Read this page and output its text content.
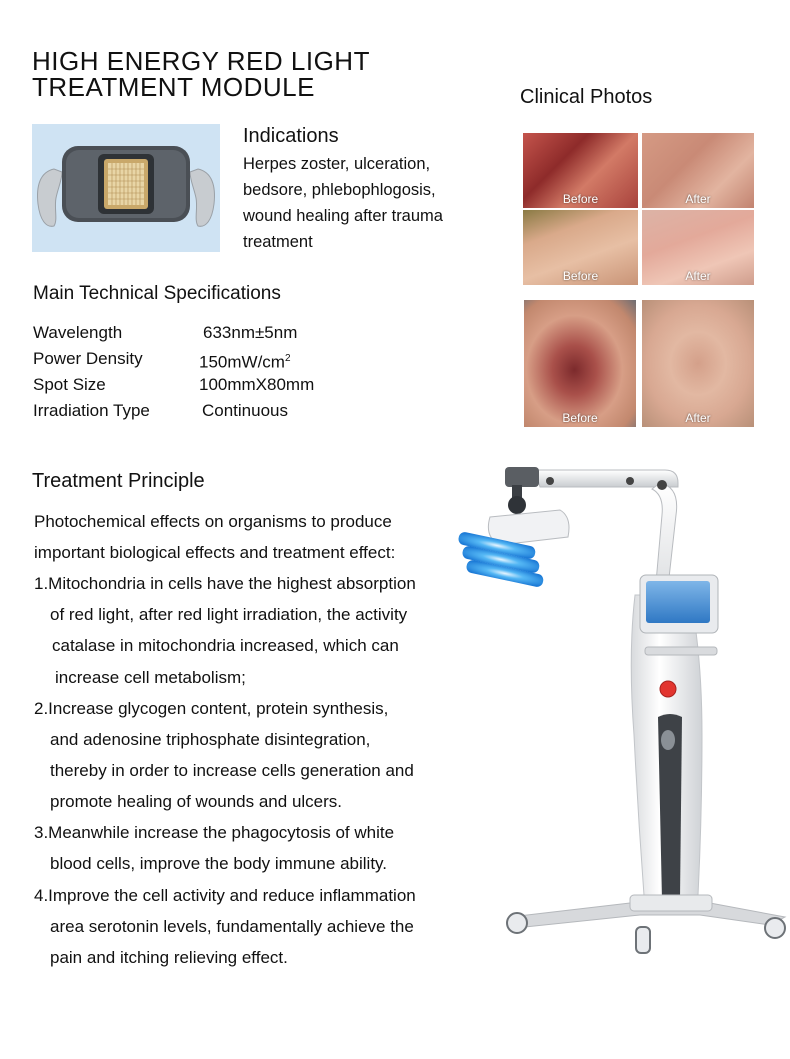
HIGH ENERGY RED LIGHT
TREATMENT MODULE	Clinical Photos
Indications
Herpes zoster, ulceration,
bedsore, phlebophlogosis,
wound healing after trauma
treatment
Before	After
Before	After
Before	After
Main Technical Specifications
Wavelength	633nm±5nm
Power Density	$150mW/cm^2$
Spot Size	100mmX80mm
Irradiation Type	Continuous
Treatment Principle
Photochemical effects on organisms to produce
important biological effects and treatment effect:
1.Mitochondria in cells have the highest absorption
of red light, after red light irradiation, the activity
catalase in mitochondria increased, which can
increase cell metabolism;
2.Increase glycogen content, protein synthesis,
and adenosine triphosphate disintegration,
thereby in order to increase cells generation and
promote healing of wounds and ulcers.
3.Meanwhile increase the phagocytosis of white
blood cells, improve the body immune ability.
4.Improve the cell activity and reduce inflammation
area serotonin levels, fundamentally achieve the
pain and itching relieving effect.
